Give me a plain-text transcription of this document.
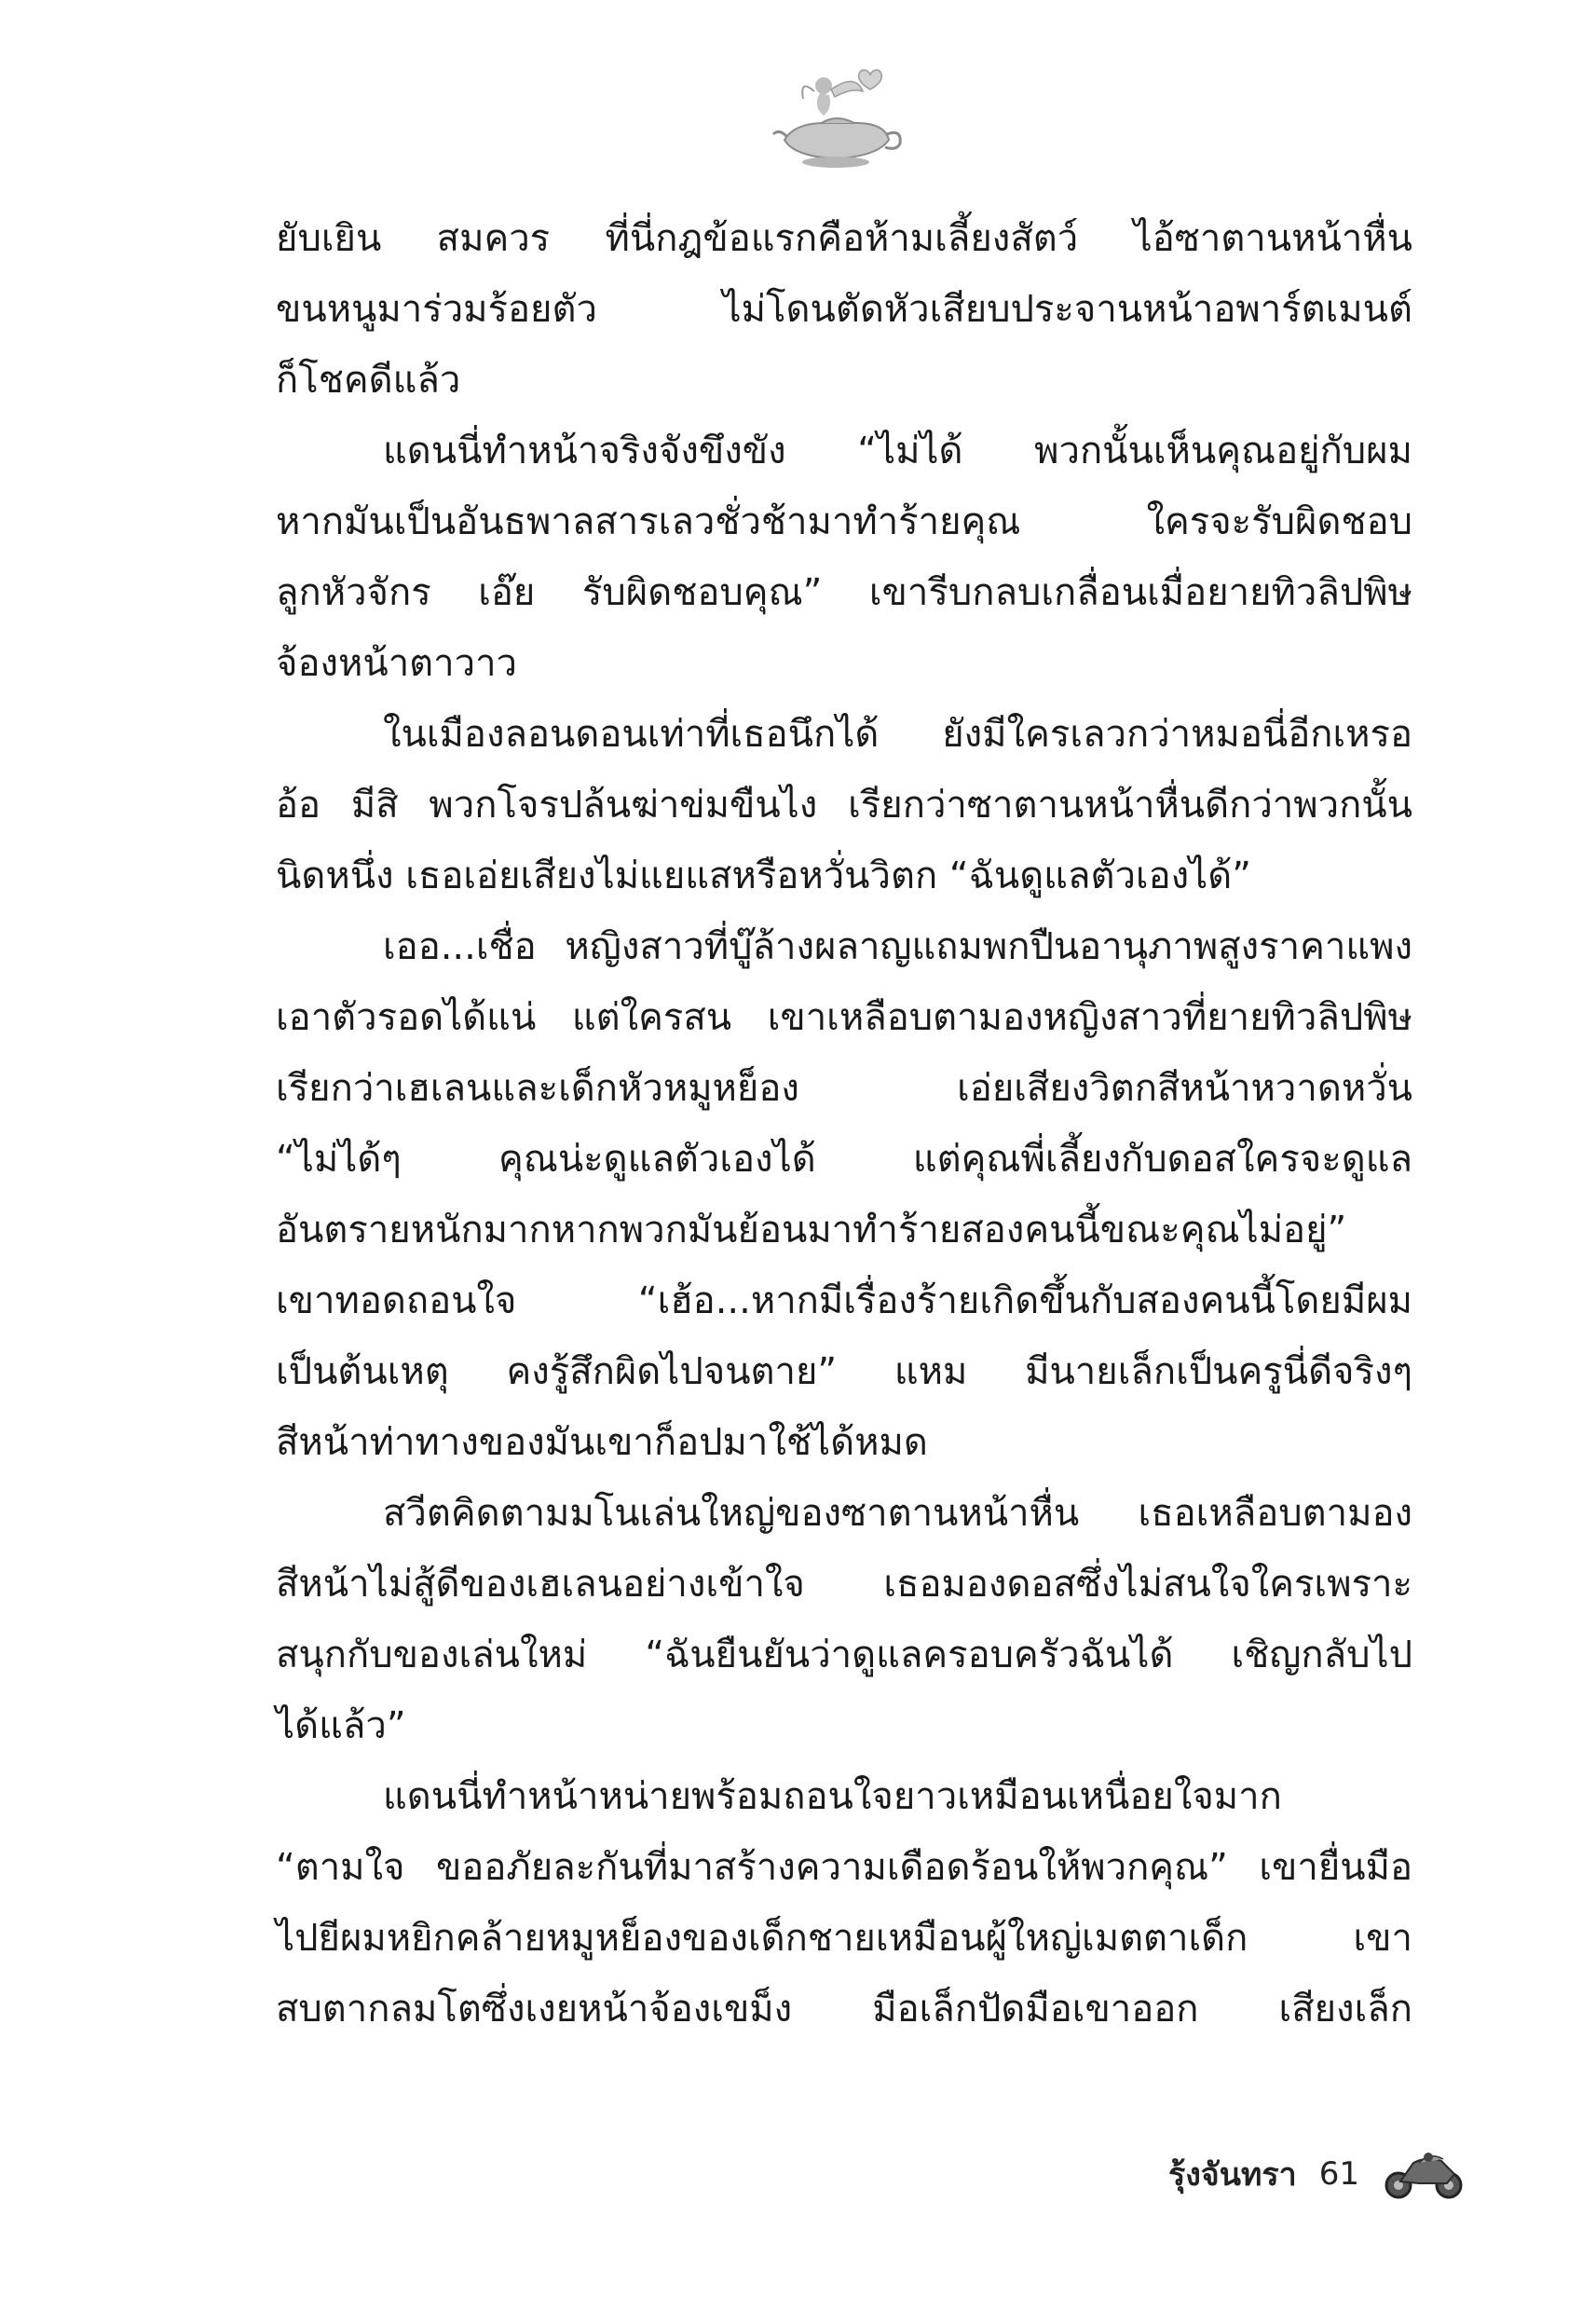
ยับเยิน สมควร ที่นี่กฎข้อแรกคือห้ามเลี้ยงสัตว์ ไอ้ซาตานหน้าหื่น
ขนหนูมาร่วมร้อยตัว ไม่โดนตัดหัวเสียบประจานหน้าอพาร์ตเมนต์
ก็โชคดีแล้ว
แดนนี่ทำหน้าจริงจังขึงขัง “ไม่ได้ พวกนั้นเห็นคุณอยู่กับผม
หากมันเป็นอันธพาลสารเลวชั่วช้ามาทำร้ายคุณ ใครจะรับผิดชอบ
ลูกหัวจักร เอ๊ย รับผิดชอบคุณ” เขารีบกลบเกลื่อนเมื่อยายทิวลิปพิษ
จ้องหน้าตาวาว
ในเมืองลอนดอนเท่าที่เธอนึกได้ ยังมีใครเลวกว่าหมอนี่อีกเหรอ
อ้อ มีสิ พวกโจรปล้นฆ่าข่มขืนไง เรียกว่าซาตานหน้าหื่นดีกว่าพวกนั้น
นิดหนึ่ง เธอเอ่ยเสียงไม่แยแสหรือหวั่นวิตก “ฉันดูแลตัวเองได้”
เออ...เชื่อ หญิงสาวที่บู๊ล้างผลาญแถมพกปืนอานุภาพสูงราคาแพง
เอาตัวรอดได้แน่ แต่ใครสน เขาเหลือบตามองหญิงสาวที่ยายทิวลิปพิษ
เรียกว่าเฮเลนและเด็กหัวหมูหย็อง เอ่ยเสียงวิตกสีหน้าหวาดหวั่น
“ไม่ได้ๆ คุณน่ะดูแลตัวเองได้ แต่คุณพี่เลี้ยงกับดอสใครจะดูแล
อันตรายหนักมากหากพวกมันย้อนมาทำร้ายสองคนนี้ขณะคุณไม่อยู่”
เขาทอดถอนใจ “เฮ้อ...หากมีเรื่องร้ายเกิดขึ้นกับสองคนนี้โดยมีผม
เป็นต้นเหตุ คงรู้สึกผิดไปจนตาย” แหม มีนายเล็กเป็นครูนี่ดีจริงๆ
สีหน้าท่าทางของมันเขาก็อปมาใช้ได้หมด
สวีตคิดตามมโนเล่นใหญ่ของซาตานหน้าหื่น เธอเหลือบตามอง
สีหน้าไม่สู้ดีของเฮเลนอย่างเข้าใจ เธอมองดอสซึ่งไม่สนใจใครเพราะ
สนุกกับของเล่นใหม่ “ฉันยืนยันว่าดูแลครอบครัวฉันได้ เชิญกลับไป
ได้แล้ว”
แดนนี่ทำหน้าหน่ายพร้อมถอนใจยาวเหมือนเหนื่อยใจมาก
“ตามใจ ขออภัยละกันที่มาสร้างความเดือดร้อนให้พวกคุณ” เขายื่นมือ
ไปยีผมหยิกคล้ายหมูหย็องของเด็กชายเหมือนผู้ใหญ่เมตตาเด็ก เขา
สบตากลมโตซึ่งเงยหน้าจ้องเขม็ง มือเล็กปัดมือเขาออก เสียงเล็ก
รุ้งจันทรา 61
